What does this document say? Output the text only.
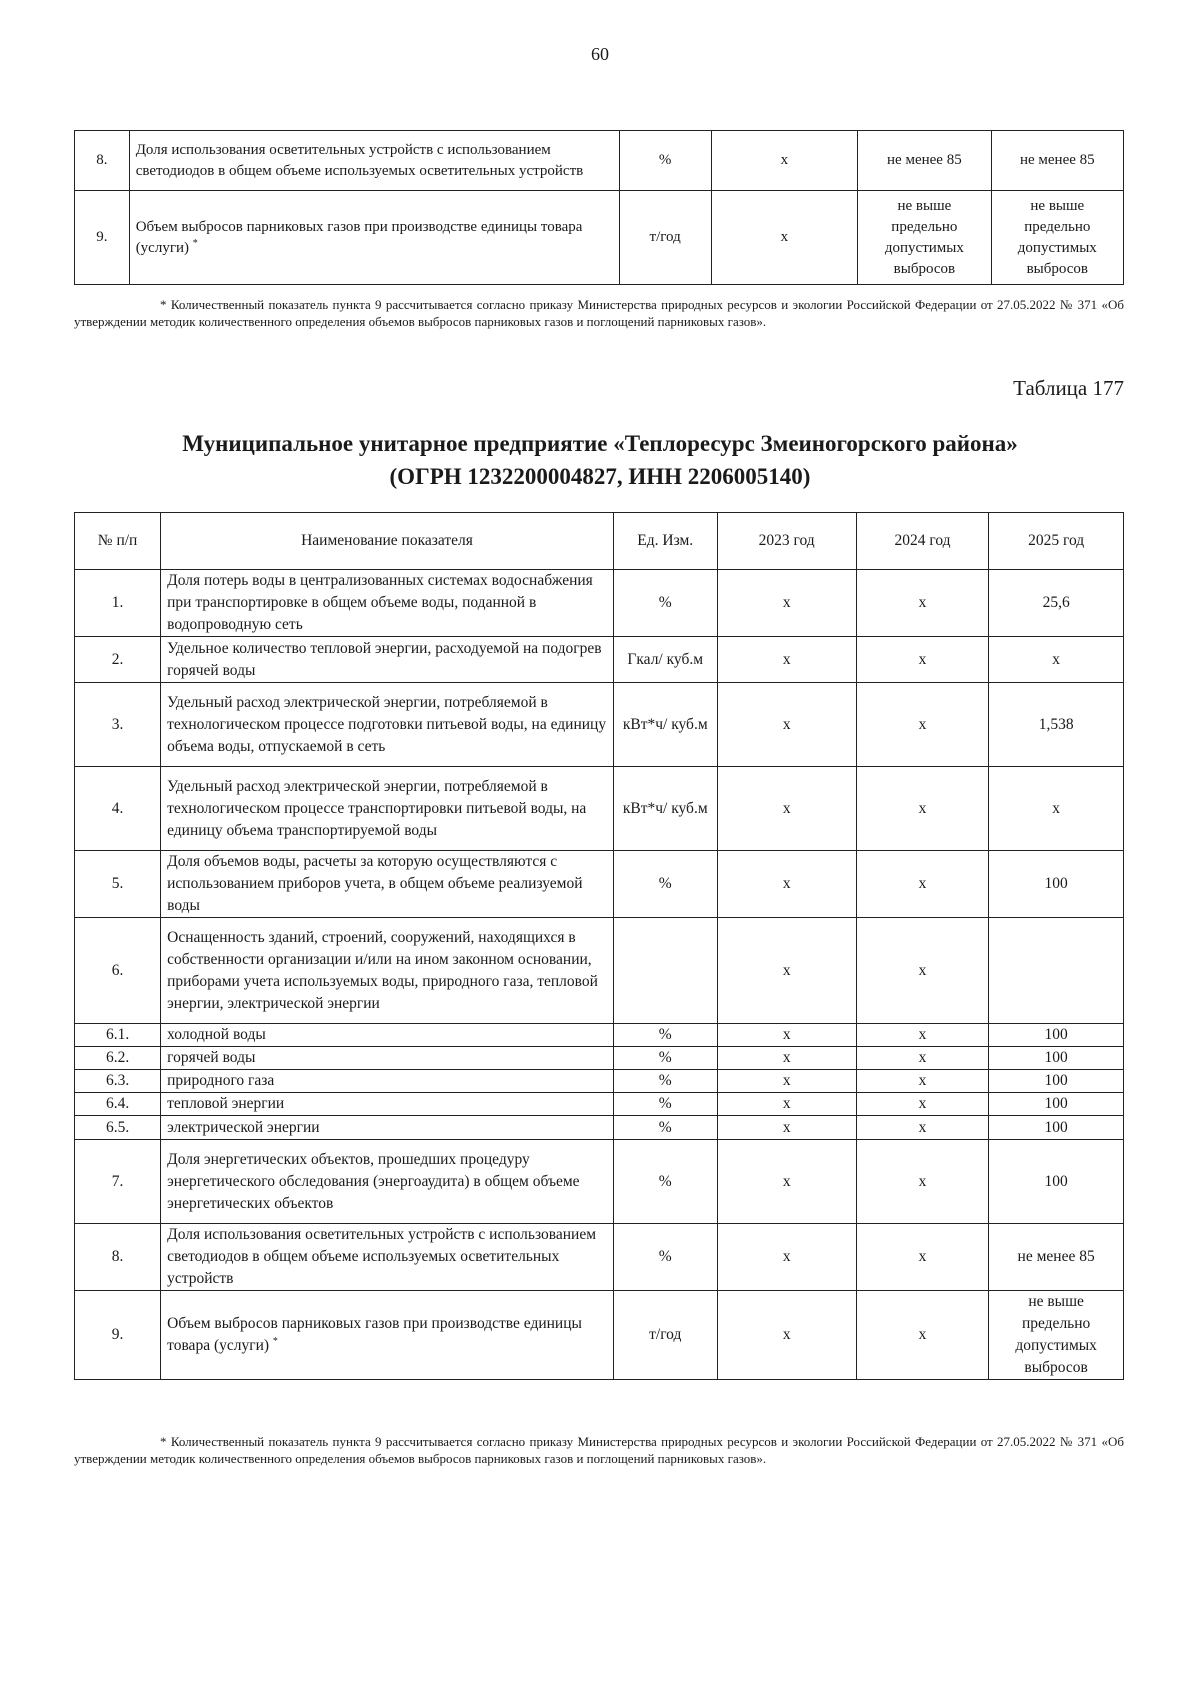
60
8.	Доля использования осветительных устройств с использованием светодиодов в общем объеме используемых осветительных устройств	%	х	не менее 85	не менее 85
9.	Объем выбросов парниковых газов при производстве единицы товара (услуги) *	т/год	х	не выше предельно допустимых выбросов	не выше предельно допустимых выбросов
* Количественный показатель пункта 9 рассчитывается согласно приказу Министерства природных ресурсов и экологии Российской Федерации от 27.05.2022 № 371 «Об утверждении методик количественного определения объемов выбросов парниковых газов и поглощений парниковых газов».
Таблица 177
Муниципальное унитарное предприятие «Теплоресурс Змеиногорского района»
(ОГРН 1232200004827, ИНН 2206005140)
№ п/п	Наименование показателя	Ед. Изм.	2023 год	2024 год	2025 год
1.	Доля потерь воды в централизованных системах водоснабжения при транспортировке в общем объеме воды, поданной в водопроводную сеть	%	х	х	25,6
2.	Удельное количество тепловой энергии, расходуемой на подогрев горячей воды	Гкал/ куб.м	х	х	х
3.	Удельный расход электрической энергии, потребляемой в технологическом процессе подготовки питьевой воды, на единицу объема воды, отпускаемой в сеть	кВт*ч/ куб.м	х	х	1,538
4.	Удельный расход электрической энергии, потребляемой в технологическом процессе транспортировки питьевой воды, на единицу объема транспортируемой воды	кВт*ч/ куб.м	х	х	х
5.	Доля объемов воды, расчеты за которую осуществляются с использованием приборов учета, в общем объеме реализуемой воды	%	х	х	100
6.	Оснащенность зданий, строений, сооружений, находящихся в собственности организации и/или на ином законном основании, приборами учета используемых воды, природного газа, тепловой энергии, электрической энергии		х	х	
6.1.	холодной воды	%	х	х	100
6.2.	горячей воды	%	х	х	100
6.3.	природного газа	%	х	х	100
6.4.	тепловой энергии	%	х	х	100
6.5.	электрической энергии	%	х	х	100
7.	Доля энергетических объектов, прошедших процедуру энергетического обследования (энергоаудита) в общем объеме энергетических объектов	%	х	х	100
8.	Доля использования осветительных устройств с использованием светодиодов в общем объеме используемых осветительных устройств	%	х	х	не менее 85
9.	Объем выбросов парниковых газов при производстве единицы товара (услуги) *	т/год	х	х	не выше предельно допустимых выбросов
* Количественный показатель пункта 9 рассчитывается согласно приказу Министерства природных ресурсов и экологии Российской Федерации от 27.05.2022 № 371 «Об утверждении методик количественного определения объемов выбросов парниковых газов и поглощений парниковых газов».
